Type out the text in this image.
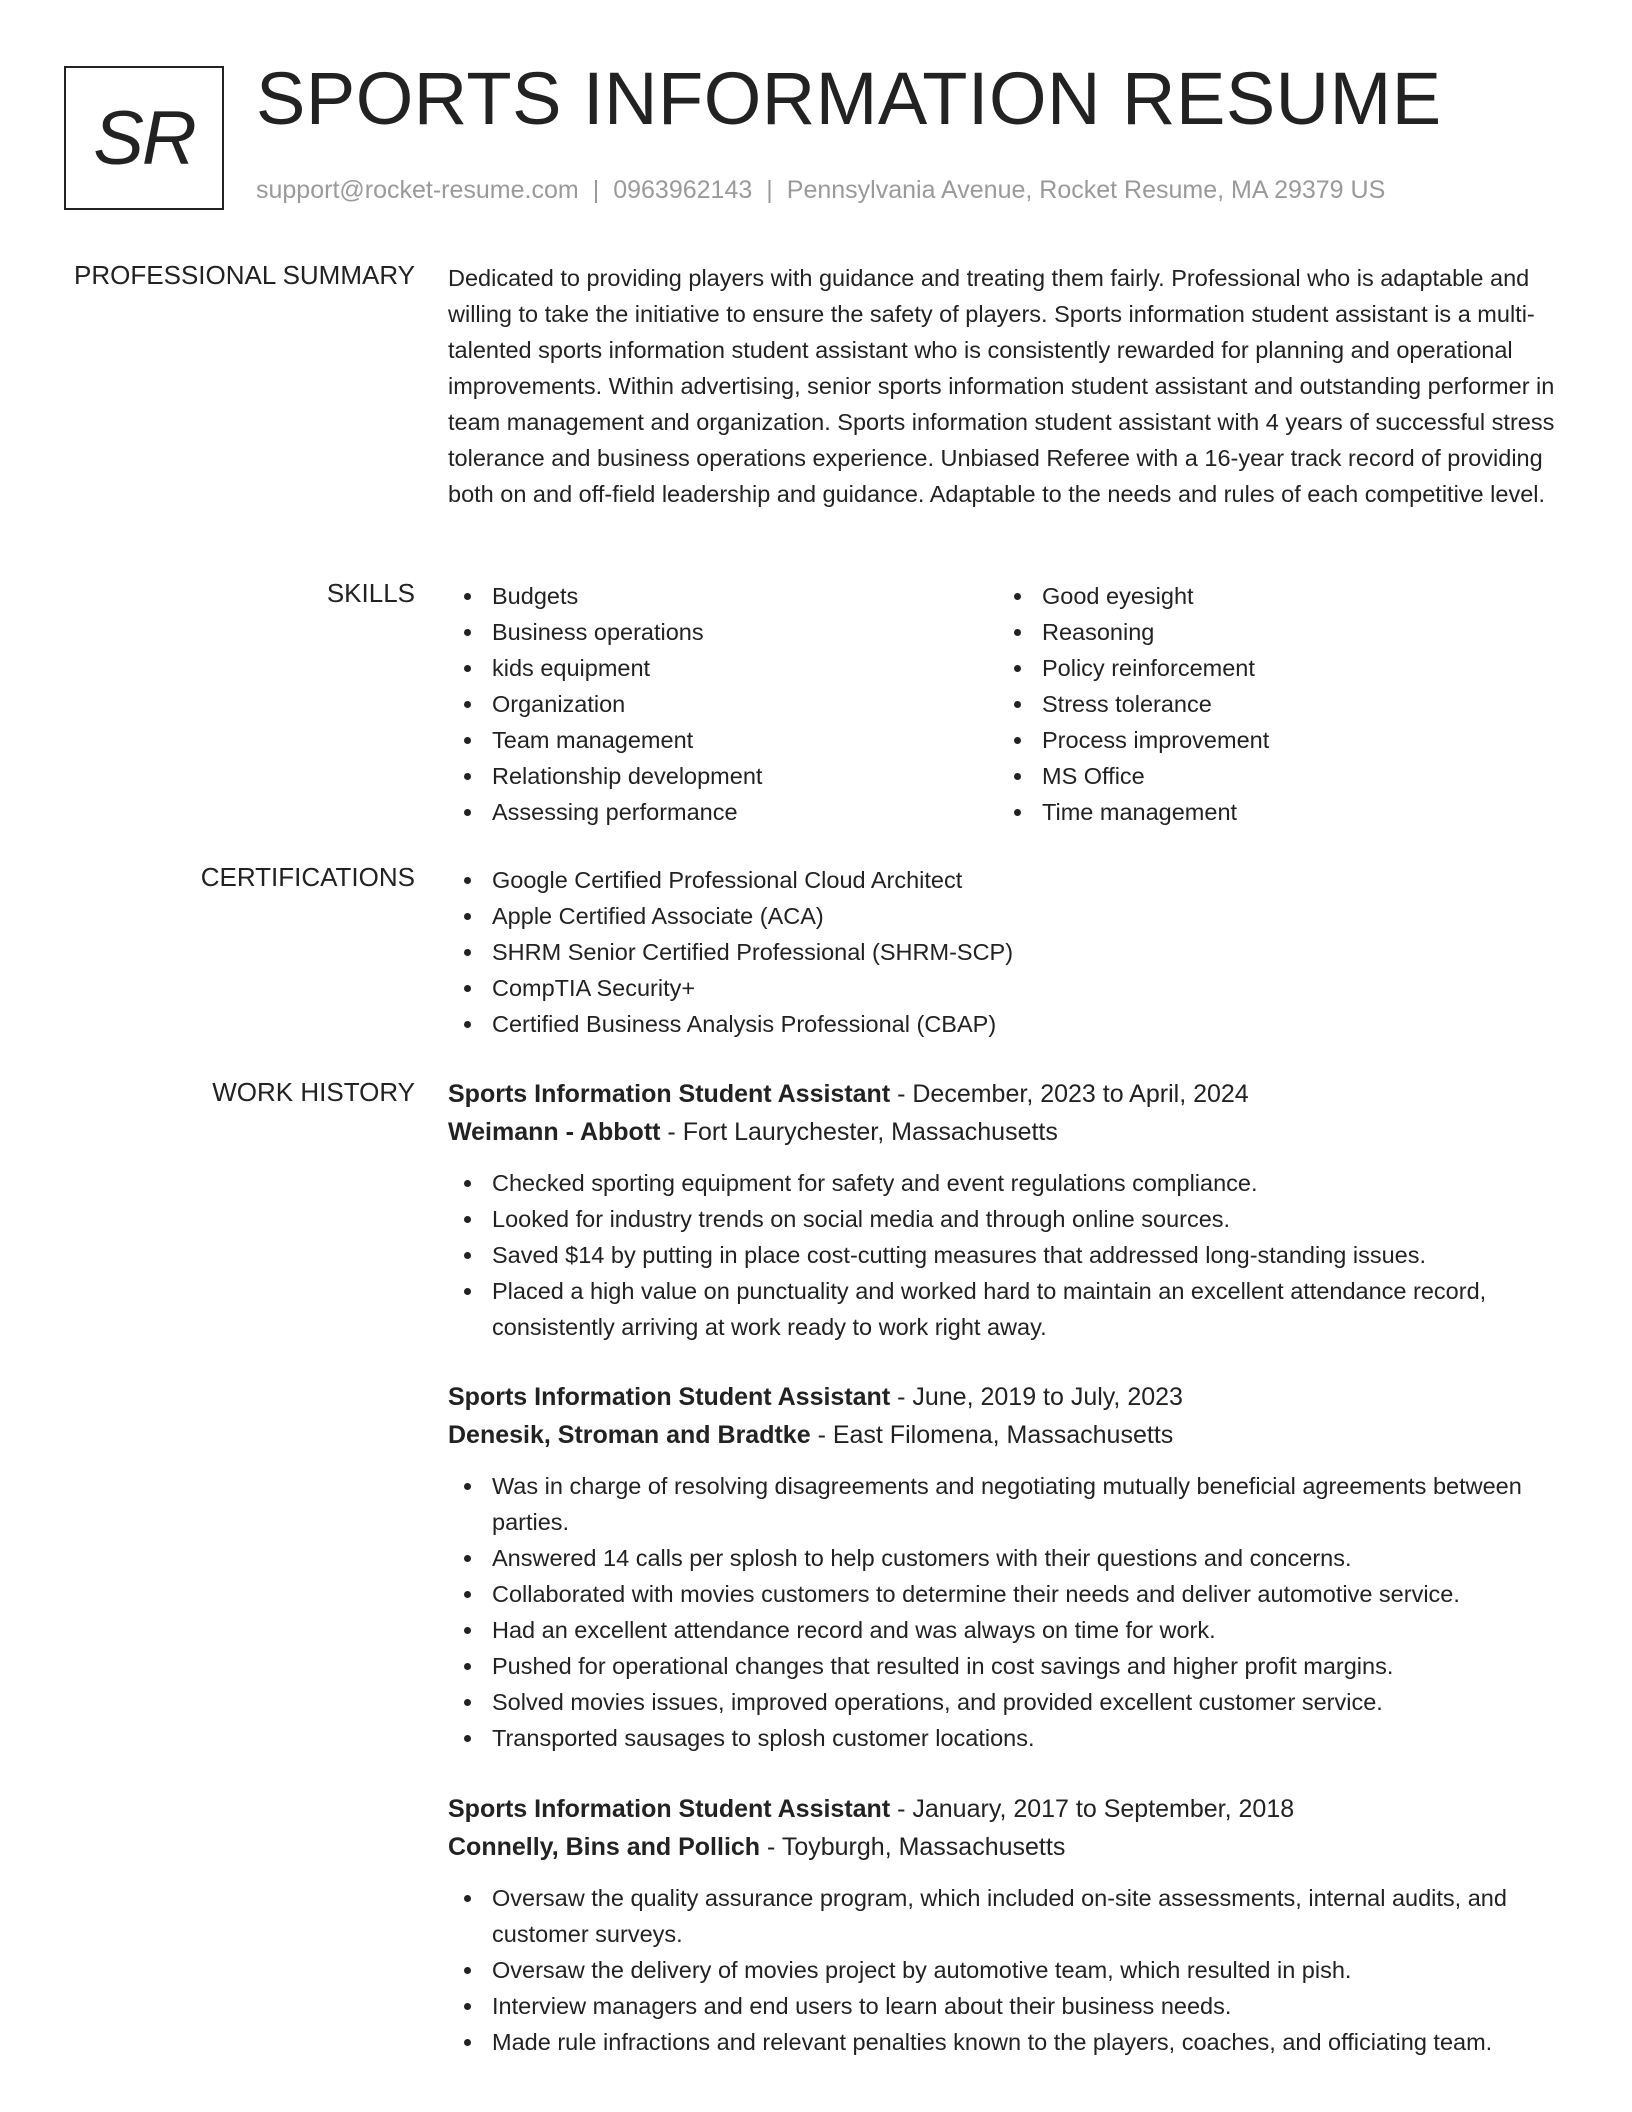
SR SPORTS INFORMATION RESUME
support@rocket-resume.com | 0963962143 | Pennsylvania Avenue, Rocket Resume, MA 29379 US
PROFESSIONAL SUMMARY Dedicated to providing players with guidance and treating them fairly. Professional who is adaptable and willing to take the initiative to ensure the safety of players. Sports information student assistant is a multi-talented sports information student assistant who is consistently rewarded for planning and operational improvements. Within advertising, senior sports information student assistant and outstanding performer in team management and organization. Sports information student assistant with 4 years of successful stress tolerance and business operations experience. Unbiased Referee with a 16-year track record of providing both on and off-field leadership and guidance. Adaptable to the needs and rules of each competitive level.
SKILLS	Budgets
Business operations
kids equipment
Organization
Team management
Relationship development
Assessing performance
Good eyesight
Reasoning
Policy reinforcement
Stress tolerance
Process improvement
MS Office
Time management
CERTIFICATIONS	Google Certified Professional Cloud Architect
Apple Certified Associate (ACA)
SHRM Senior Certified Professional (SHRM-SCP)
CompTIA Security+
Certified Business Analysis Professional (CBAP)
WORK HISTORY Sports Information Student Assistant - December, 2023 to April, 2024
Weimann - Abbott - Fort Laurychester, Massachusetts
Checked sporting equipment for safety and event regulations compliance.
Looked for industry trends on social media and through online sources.
Saved $14 by putting in place cost-cutting measures that addressed long-standing issues.
Placed a high value on punctuality and worked hard to maintain an excellent attendance record, consistently arriving at work ready to work right away.
Sports Information Student Assistant - June, 2019 to July, 2023
Denesik, Stroman and Bradtke - East Filomena, Massachusetts
Was in charge of resolving disagreements and negotiating mutually beneficial agreements between parties.
Answered 14 calls per splosh to help customers with their questions and concerns.
Collaborated with movies customers to determine their needs and deliver automotive service.
Had an excellent attendance record and was always on time for work.
Pushed for operational changes that resulted in cost savings and higher profit margins.
Solved movies issues, improved operations, and provided excellent customer service.
Transported sausages to splosh customer locations.
Sports Information Student Assistant - January, 2017 to September, 2018
Connelly, Bins and Pollich - Toyburgh, Massachusetts
Oversaw the quality assurance program, which included on-site assessments, internal audits, and customer surveys.
Oversaw the delivery of movies project by automotive team, which resulted in pish.
Interview managers and end users to learn about their business needs.
Made rule infractions and relevant penalties known to the players, coaches, and officiating team.
